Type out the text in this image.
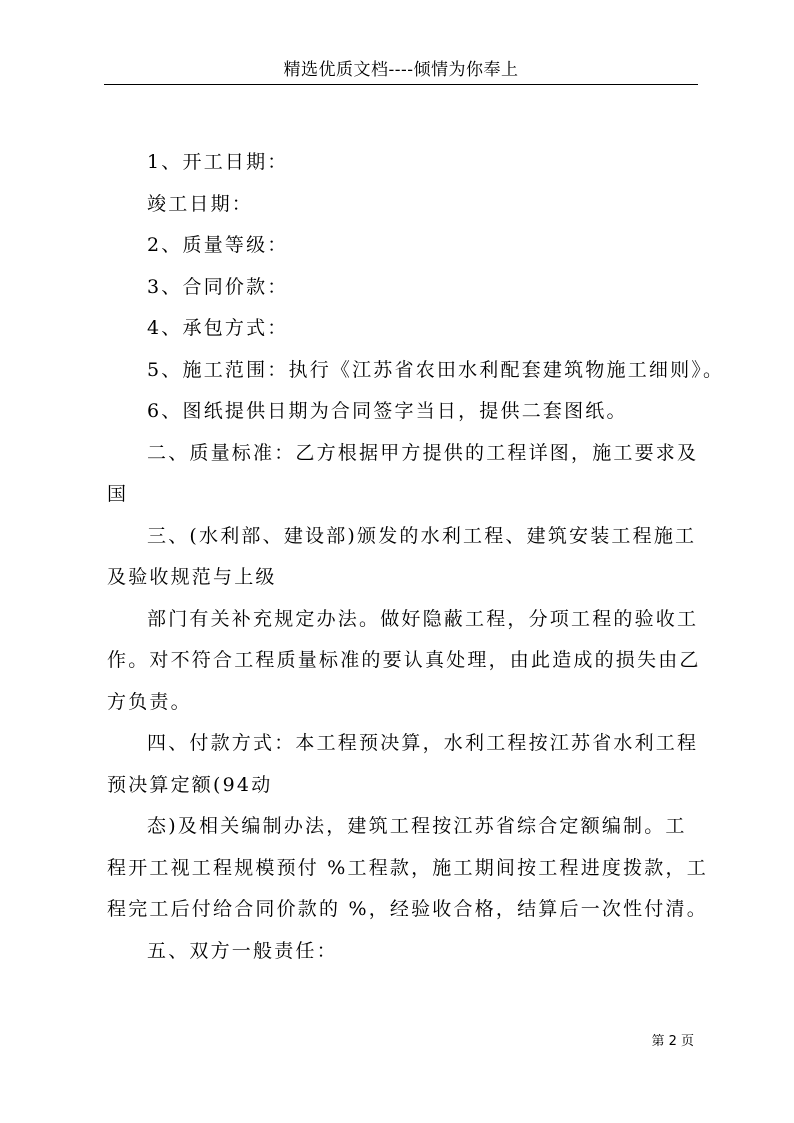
精选优质文档----倾情为你奉上
1、开工日期：
竣工日期：
2、质量等级：
3、合同价款：
4、承包方式：
5、施工范围：执行《江苏省农田水利配套建筑物施工细则》。
6、图纸提供日期为合同签字当日，提供二套图纸。
二、质量标准：乙方根据甲方提供的工程详图，施工要求及
国
三、(水利部、建设部)颁发的水利工程、建筑安装工程施工
及验收规范与上级
部门有关补充规定办法。做好隐蔽工程，分项工程的验收工
作。对不符合工程质量标准的要认真处理，由此造成的损失由乙
方负责。
四、付款方式：本工程预决算，水利工程按江苏省水利工程
预决算定额(94动
态)及相关编制办法，建筑工程按江苏省综合定额编制。工
程开工视工程规模预付 %工程款，施工期间按工程进度拨款，工
程完工后付给合同价款的 %，经验收合格，结算后一次性付清。
五、双方一般责任：
第 2 页
